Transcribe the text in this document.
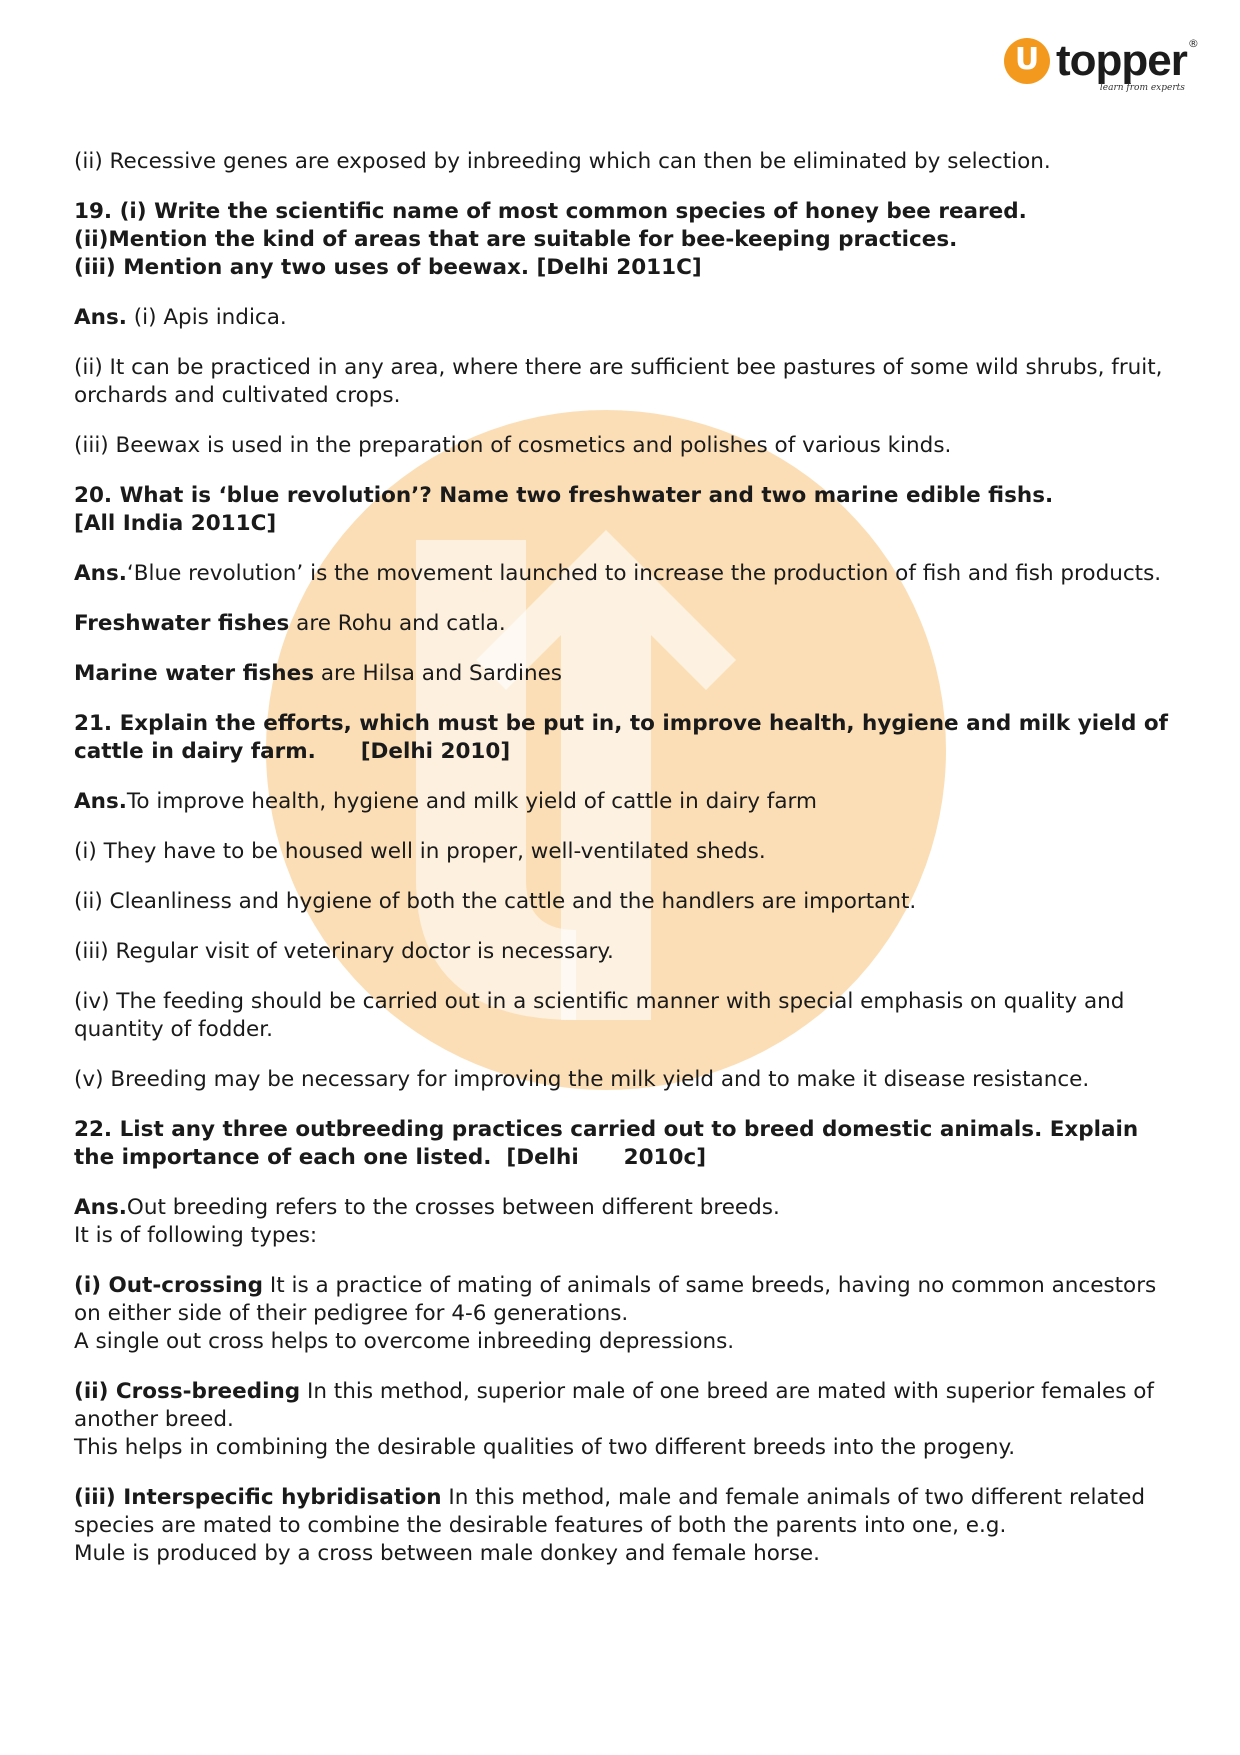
U topper ®
learn from experts

(ii) Recessive genes are exposed by inbreeding which can then be eliminated by selection.

19. (i) Write the scientific name of most common species of honey bee reared.
(ii)Mention the kind of areas that are suitable for bee-keeping practices.
(iii) Mention any two uses of beewax. [Delhi 2011C]

Ans. (i) Apis indica.

(ii) It can be practiced in any area, where there are sufficient bee pastures of some wild shrubs, fruit, orchards and cultivated crops.

(iii) Beewax is used in the preparation of cosmetics and polishes of various kinds.

20. What is ‘blue revolution’? Name two freshwater and two marine edible fishs.
[All India 2011C]

Ans.‘Blue revolution’ is the movement launched to increase the production of fish and fish products.

Freshwater fishes are Rohu and catla.

Marine water fishes are Hilsa and Sardines

21. Explain the efforts, which must be put in, to improve health, hygiene and milk yield of cattle in dairy farm.      [Delhi 2010]

Ans.To improve health, hygiene and milk yield of cattle in dairy farm

(i) They have to be housed well in proper, well-ventilated sheds.

(ii) Cleanliness and hygiene of both the cattle and the handlers are important.

(iii) Regular visit of veterinary doctor is necessary.

(iv) The feeding should be carried out in a scientific manner with special emphasis on quality and quantity of fodder.

(v) Breeding may be necessary for improving the milk yield and to make it disease resistance.

22. List any three outbreeding practices carried out to breed domestic animals. Explain the importance of each one listed.  [Delhi      2010c]

Ans.Out breeding refers to the crosses between different breeds.
It is of following types:

(i) Out-crossing It is a practice of mating of animals of same breeds, having no common ancestors on either side of their pedigree for 4-6 generations.
A single out cross helps to overcome inbreeding depressions.

(ii) Cross-breeding In this method, superior male of one breed are mated with superior females of another breed.
This helps in combining the desirable qualities of two different breeds into the progeny.

(iii) Interspecific hybridisation In this method, male and female animals of two different related species are mated to combine the desirable features of both the parents into one, e.g.
Mule is produced by a cross between male donkey and female horse.
